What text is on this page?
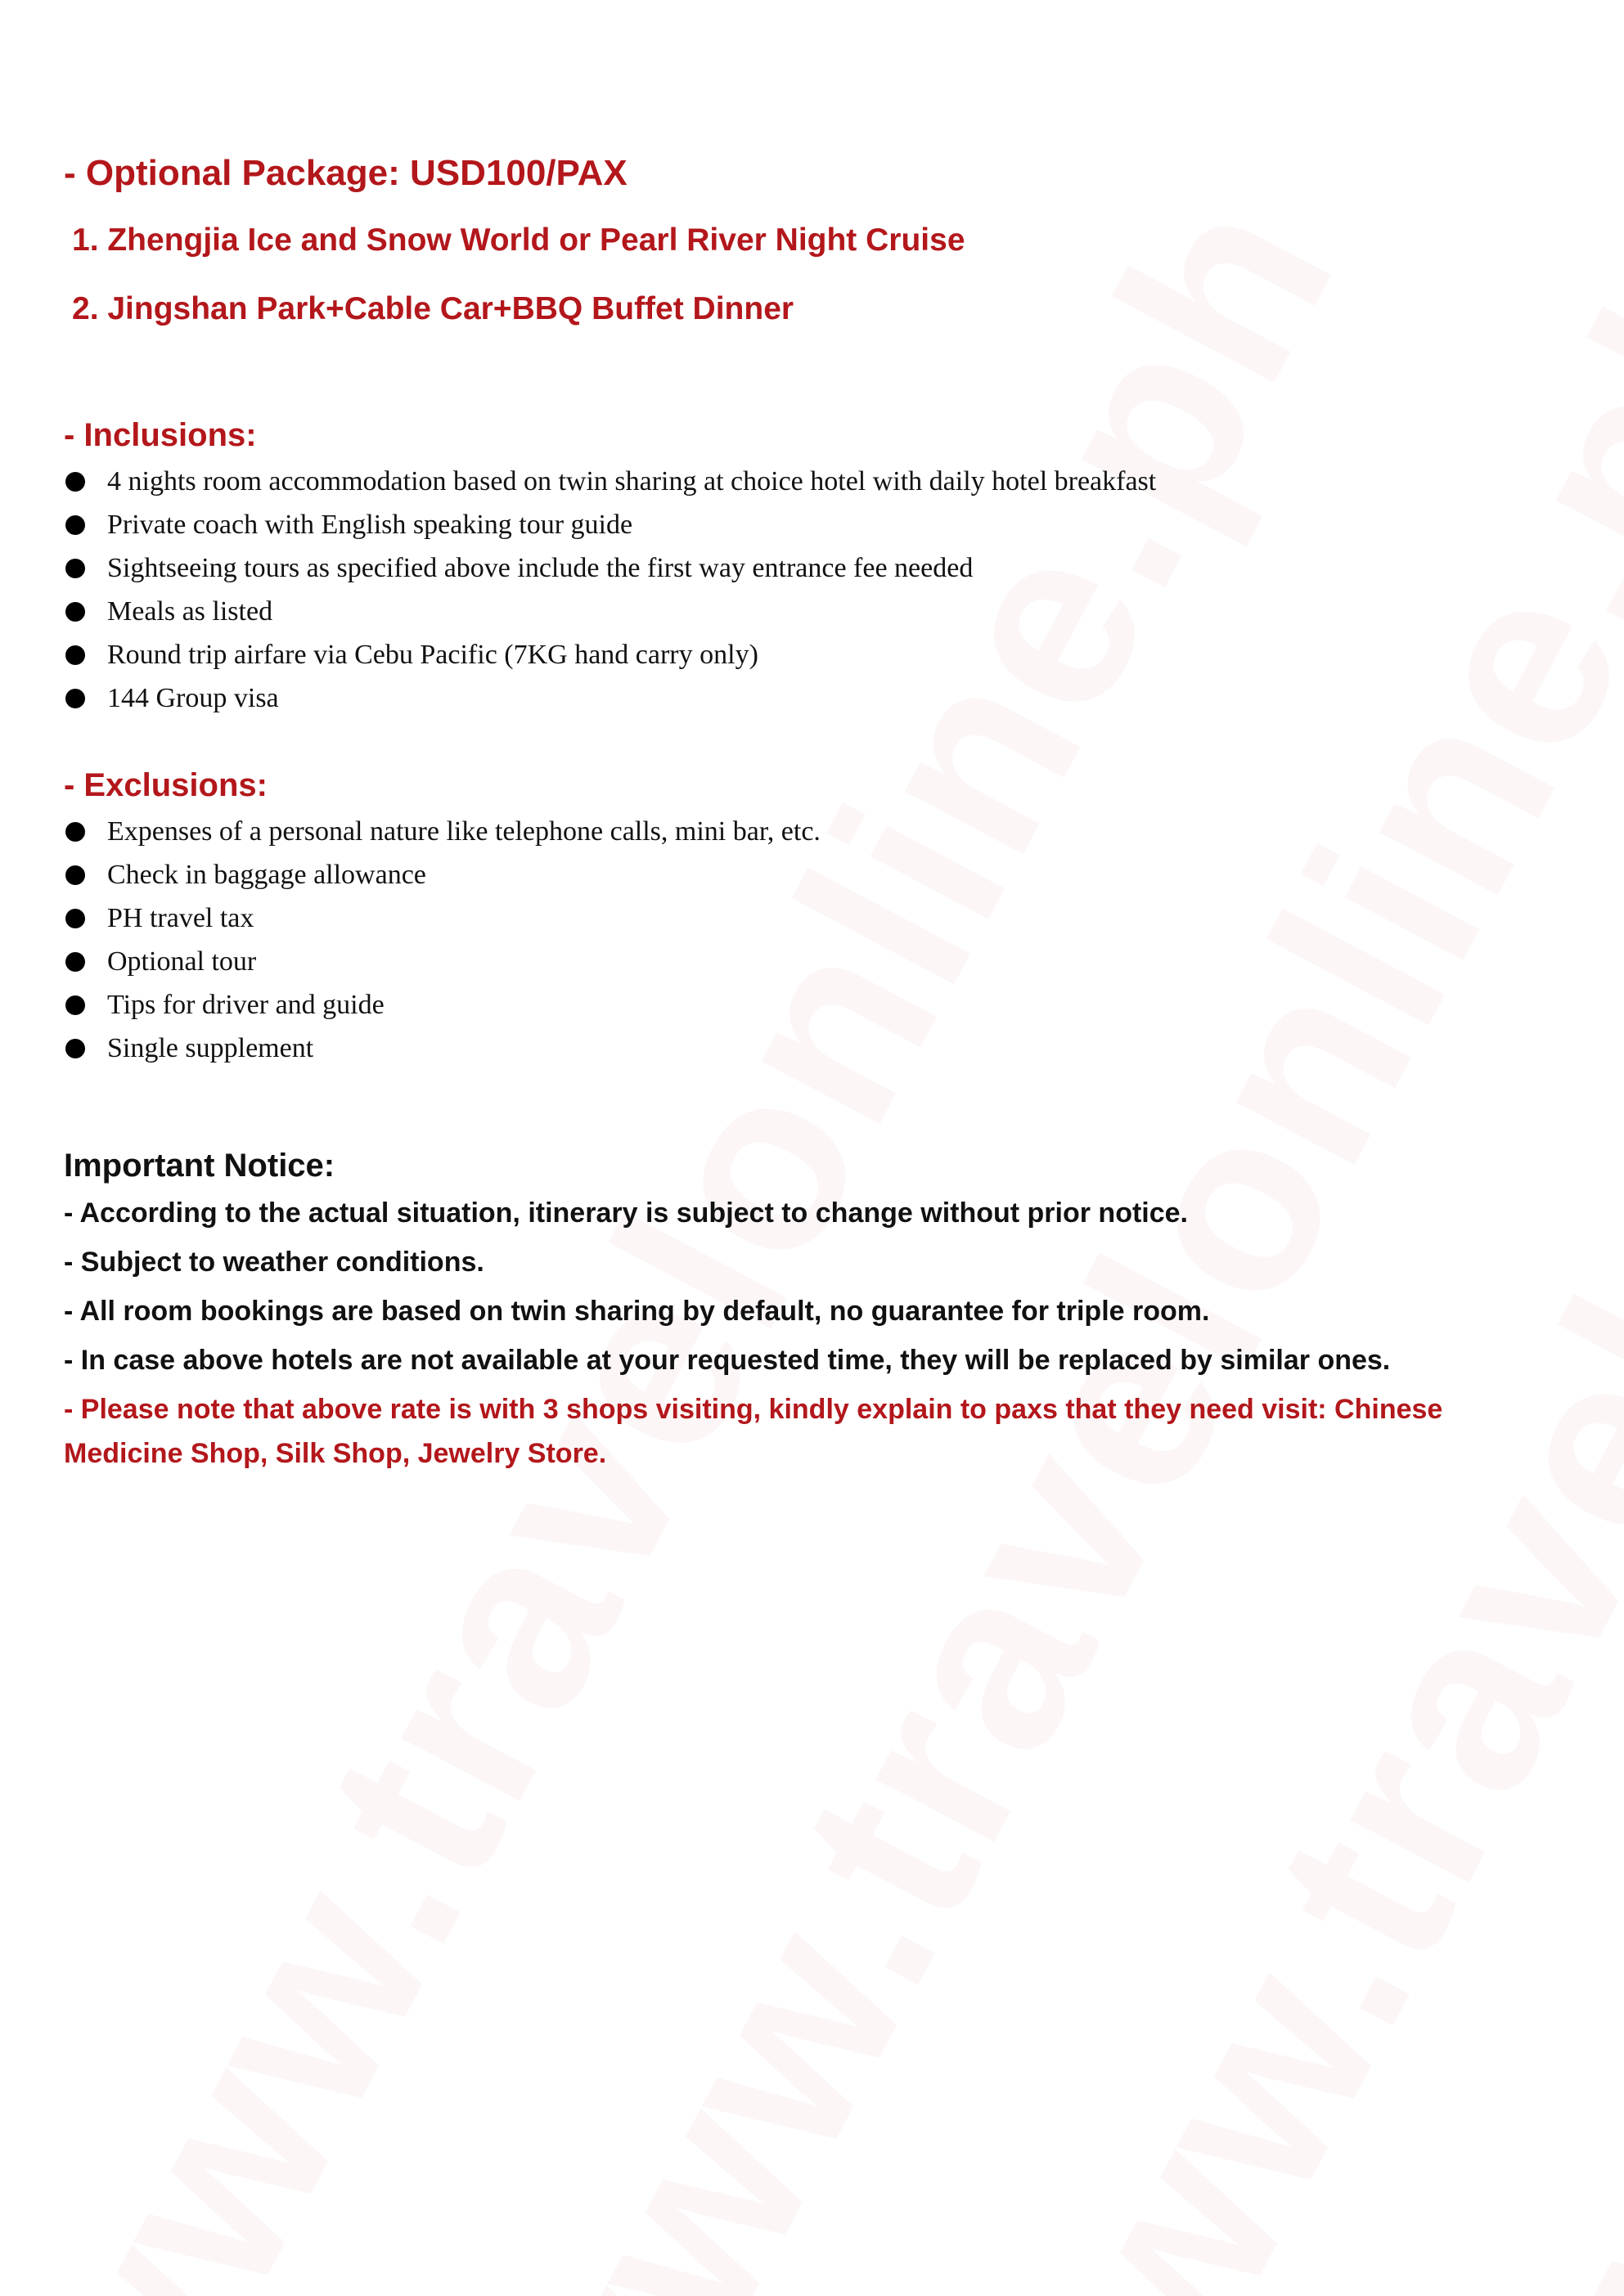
- Optional Package: USD100/PAX
1. Zhengjia Ice and Snow World or Pearl River Night Cruise
2. Jingshan Park+Cable Car+BBQ Buffet Dinner
- Inclusions:
4 nights room accommodation based on twin sharing at choice hotel with daily hotel breakfast
Private coach with English speaking tour guide
Sightseeing tours as specified above include the first way entrance fee needed
Meals as listed
Round trip airfare via Cebu Pacific (7KG hand carry only)
144 Group visa
- Exclusions:
Expenses of a personal nature like telephone calls, mini bar, etc.
Check in baggage allowance
PH travel tax
Optional tour
Tips for driver and guide
Single supplement
Important Notice:
- According to the actual situation, itinerary is subject to change without prior notice.
- Subject to weather conditions.
- All room bookings are based on twin sharing by default, no guarantee for triple room.
- In case above hotels are not available at your requested time, they will be replaced by similar ones.
- Please note that above rate is with 3 shops visiting, kindly explain to paxs that they need visit: Chinese Medicine Shop, Silk Shop, Jewelry Store.
